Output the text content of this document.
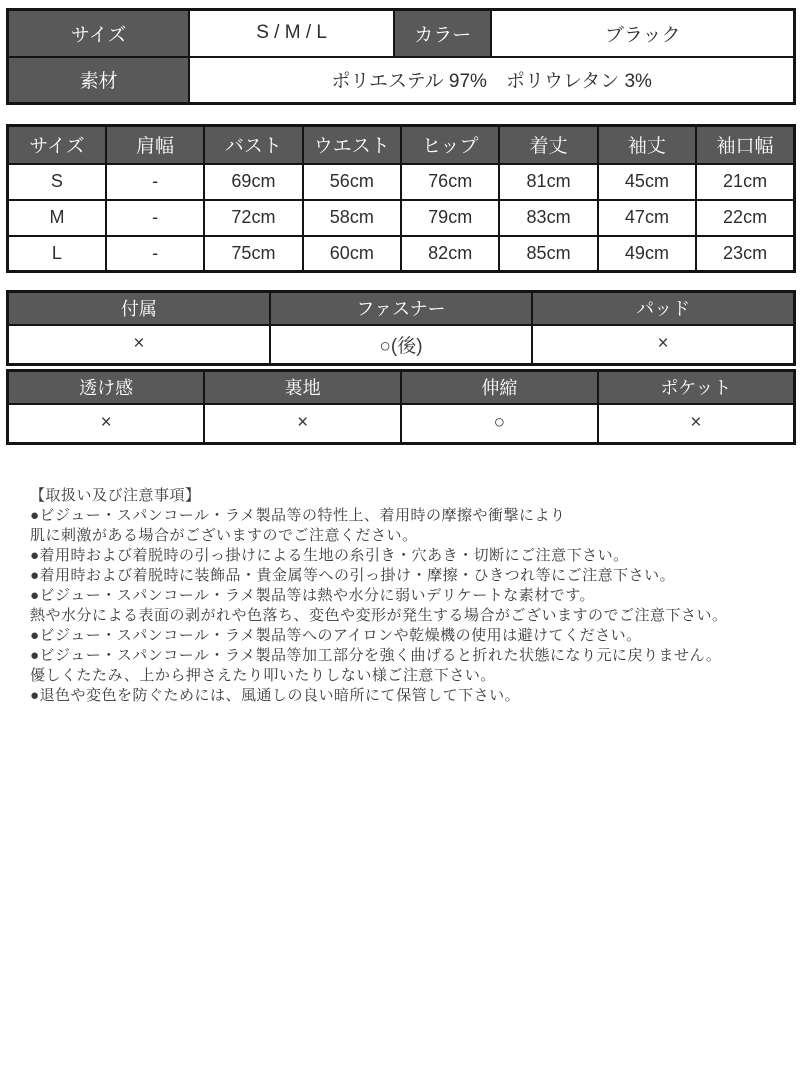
サイズ	S / M / L	カラー	ブラック
素材	ポリエステル 97%　ポリウレタン 3%		
サイズ	肩幅	バスト	ウエスト	ヒップ	着丈	袖丈	袖口幅
S	-	69cm	56cm	76cm	81cm	45cm	21cm
M	-	72cm	58cm	79cm	83cm	47cm	22cm
L	-	75cm	60cm	82cm	85cm	49cm	23cm
付属	ファスナー	パッド
×	○(後)	×
透け感	裏地	伸縮	ポケット
×	×	○	×
【取扱い及び注意事項】
●ビジュー・スパンコール・ラメ製品等の特性上、着用時の摩擦や衝撃により
肌に刺激がある場合がございますのでご注意ください。
●着用時および着脱時の引っ掛けによる生地の糸引き・穴あき・切断にご注意下さい。
●着用時および着脱時に装飾品・貴金属等への引っ掛け・摩擦・ひきつれ等にご注意下さい。
●ビジュー・スパンコール・ラメ製品等は熱や水分に弱いデリケートな素材です。
熱や水分による表面の剥がれや色落ち、変色や変形が発生する場合がございますのでご注意下さい。
●ビジュー・スパンコール・ラメ製品等へのアイロンや乾燥機の使用は避けてください。
●ビジュー・スパンコール・ラメ製品等加工部分を強く曲げると折れた状態になり元に戻りません。
優しくたたみ、上から押さえたり叩いたりしない様ご注意下さい。
●退色や変色を防ぐためには、風通しの良い暗所にて保管して下さい。
